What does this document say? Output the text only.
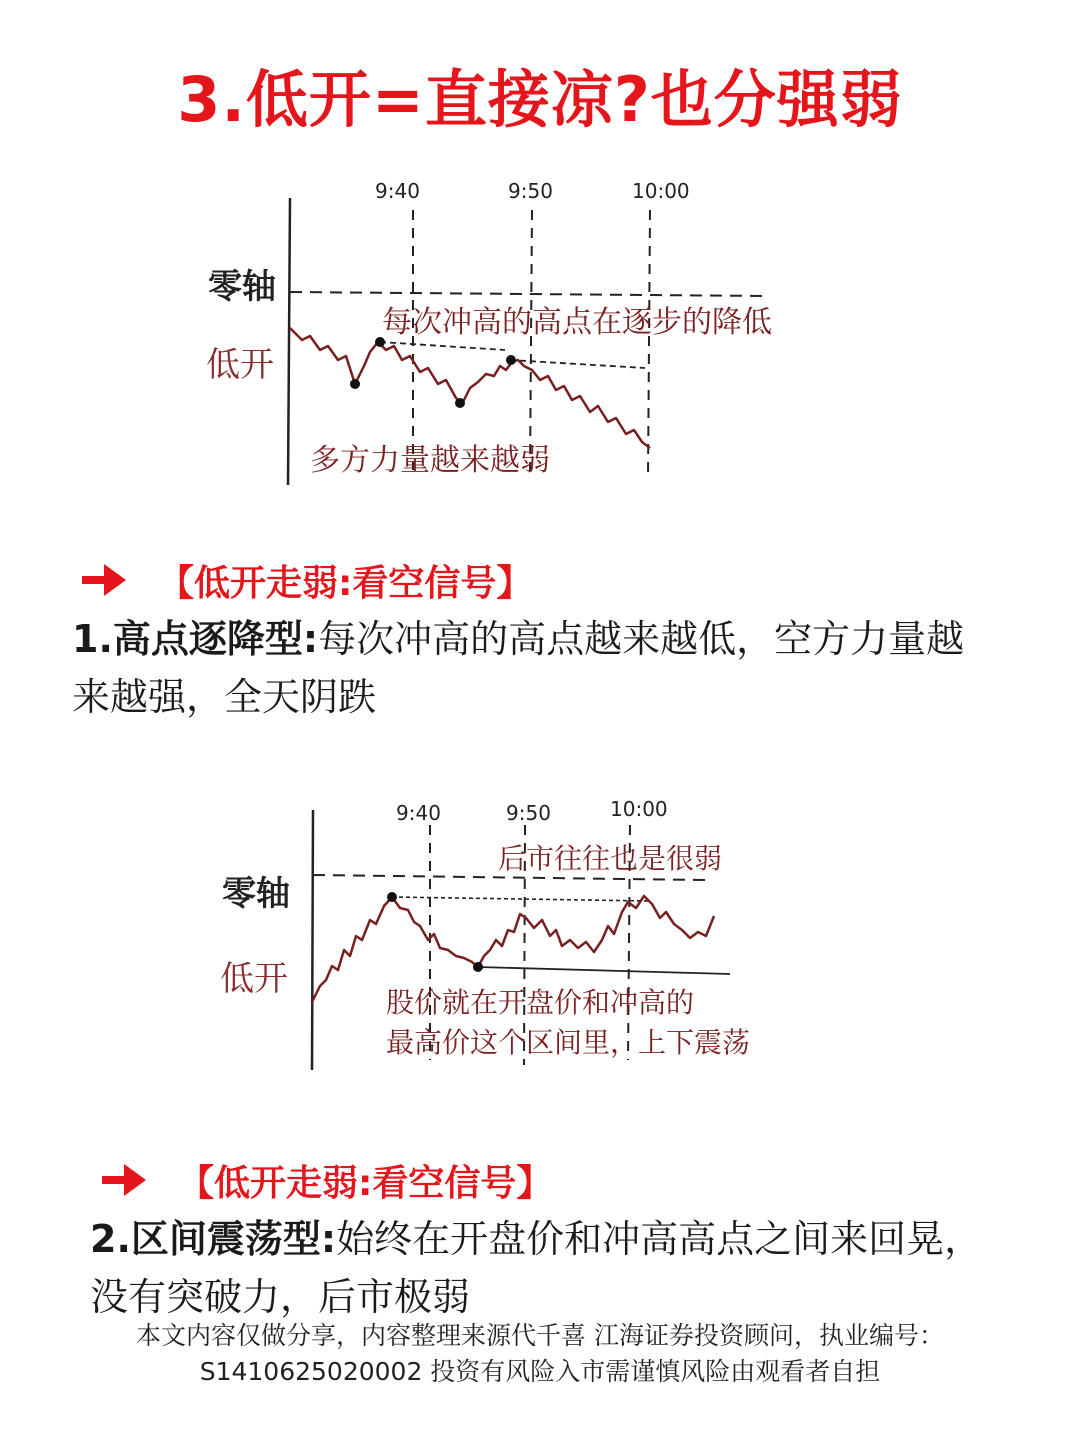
3.低开=直接凉?也分强弱
9:40	9:50	10:00
零轴
低开
每次冲高的高点在逐步的降低
多方力量越来越弱
【低开走弱:看空信号】
1.高点逐降型:每次冲高的高点越来越低，空方力量越
来越强，全天阴跌
9:40	9:50	10:00
零轴
低开
后市往往也是很弱
股价就在开盘价和冲高的
最高价这个区间里，上下震荡
【低开走弱:看空信号】
2.区间震荡型:始终在开盘价和冲高高点之间来回晃，
没有突破力，后市极弱
本文内容仅做分享，内容整理来源代千喜 江海证券投资顾问，执业编号：
S1410625020002 投资有风险入市需谨慎风险由观看者自担
